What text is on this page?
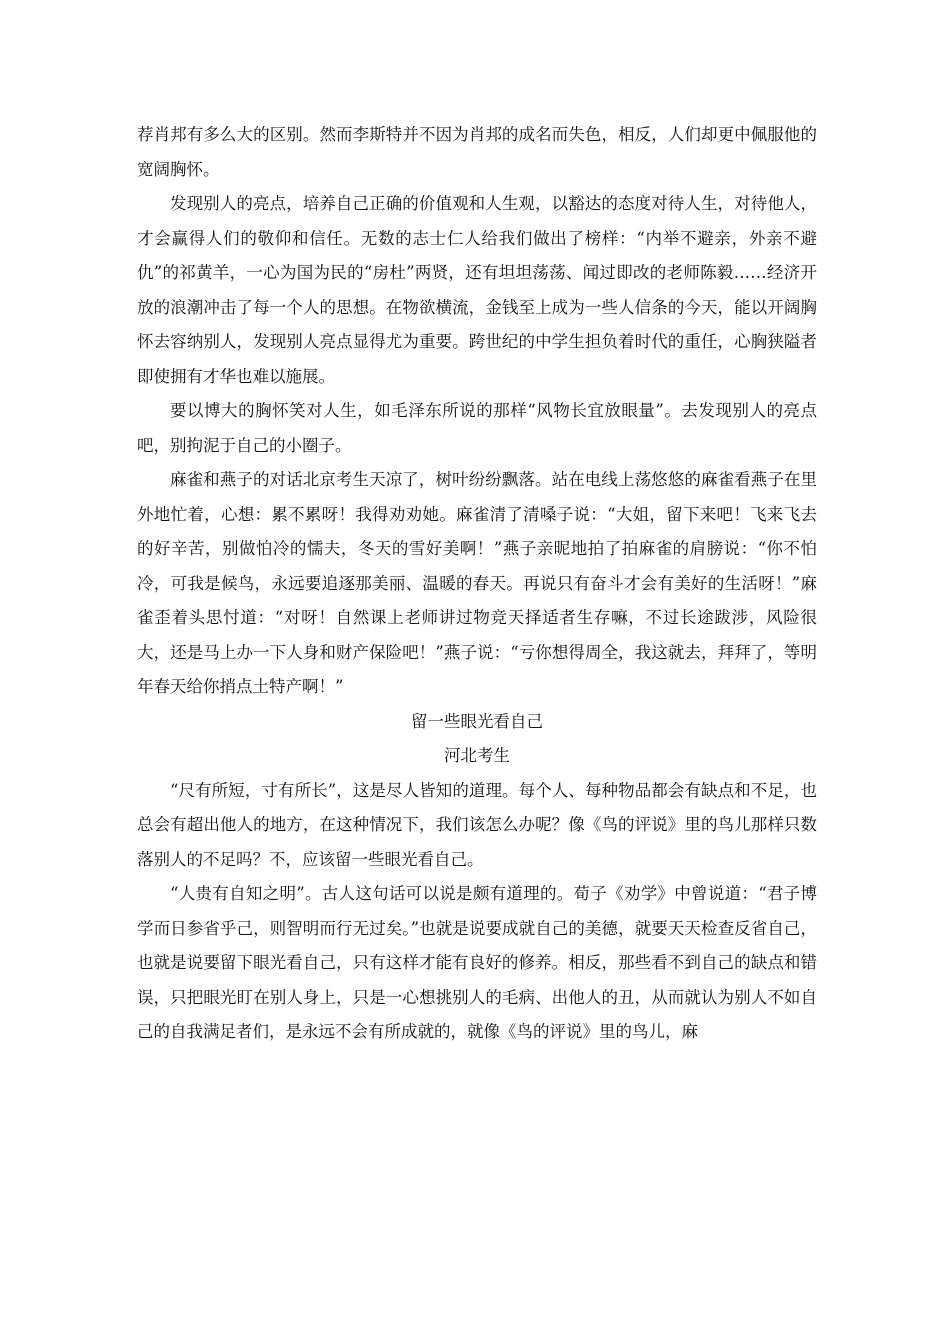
荐肖邦有多么大的区别。然而李斯特并不因为肖邦的成名而失色，相反，人们却更中佩服他的宽阔胸怀。

发现别人的亮点，培养自己正确的价值观和人生观，以豁达的态度对待人生，对待他人，才会赢得人们的敬仰和信任。无数的志士仁人给我们做出了榜样：“内举不避亲，外亲不避仇”的祁黄羊，一心为国为民的“房杜”两贤，还有坦坦荡荡、闻过即改的老师陈毅……经济开放的浪潮冲击了每一个人的思想。在物欲横流，金钱至上成为一些人信条的今天，能以开阔胸怀去容纳别人，发现别人亮点显得尤为重要。跨世纪的中学生担负着时代的重任，心胸狭隘者即使拥有才华也难以施展。

要以博大的胸怀笑对人生，如毛泽东所说的那样“风物长宜放眼量”。去发现别人的亮点吧，别拘泥于自己的小圈子。

麻雀和燕子的对话北京考生天凉了，树叶纷纷飘落。站在电线上荡悠悠的麻雀看燕子在里外地忙着，心想：累不累呀！我得劝劝她。麻雀清了清嗓子说：“大姐，留下来吧！飞来飞去的好辛苦，别做怕冷的懦夫，冬天的雪好美啊！”燕子亲昵地拍了拍麻雀的肩膀说：“你不怕冷，可我是候鸟，永远要追逐那美丽、温暖的春天。再说只有奋斗才会有美好的生活呀！”麻雀歪着头思忖道：“对呀！自然课上老师讲过物竞天择适者生存嘛，不过长途跋涉，风险很大，还是马上办一下人身和财产保险吧！”燕子说：“亏你想得周全，我这就去，拜拜了，等明年春天给你捎点土特产啊！”

留一些眼光看自己

河北考生

“尺有所短，寸有所长”，这是尽人皆知的道理。每个人、每种物品都会有缺点和不足，也总会有超出他人的地方，在这种情况下，我们该怎么办呢？像《鸟的评说》里的鸟儿那样只数落别人的不足吗？不，应该留一些眼光看自己。

“人贵有自知之明”。古人这句话可以说是颇有道理的。荀子《劝学》中曾说道：“君子博学而日参省乎己，则智明而行无过矣。”也就是说要成就自己的美德，就要天天检查反省自己，也就是说要留下眼光看自己，只有这样才能有良好的修养。相反，那些看不到自己的缺点和错误，只把眼光盯在别人身上，只是一心想挑别人的毛病、出他人的丑，从而就认为别人不如自己的自我满足者们，是永远不会有所成就的，就像《鸟的评说》里的鸟儿，麻
